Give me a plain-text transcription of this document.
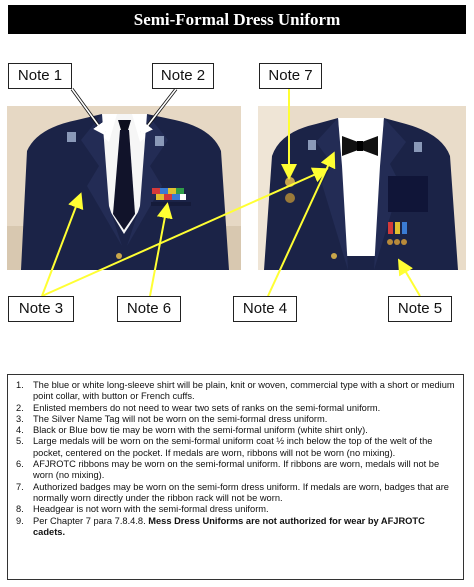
Semi-Formal Dress Uniform
Note 1	Note 2	Note 7
Note 3	Note 6	Note 4	Note 5
1. The blue or white long-sleeve shirt will be plain, knit or woven, commercial type with a short or medium point collar, with button or French cuffs.
2. Enlisted members do not need to wear two sets of ranks on the semi-formal uniform.
3. The Silver Name Tag will not be worn on the semi-formal dress uniform.
4. Black or Blue bow tie may be worn with the semi-formal uniform (white shirt only).
5. Large medals will be worn on the semi-formal uniform coat ½ inch below the top of the welt of the pocket, centered on the pocket. If medals are worn, ribbons will not be worn (no mixing).
6. AFJROTC ribbons may be worn on the semi-formal uniform. If ribbons are worn, medals will not be worn (no mixing).
7. Authorized badges may be worn on the semi-form dress uniform. If medals are worn, badges that are normally worn directly under the ribbon rack will not be worn.
8. Headgear is not worn with the semi-formal dress uniform.
9. Per Chapter 7 para 7.8.4.8. Mess Dress Uniforms are not authorized for wear by AFJROTC cadets.
